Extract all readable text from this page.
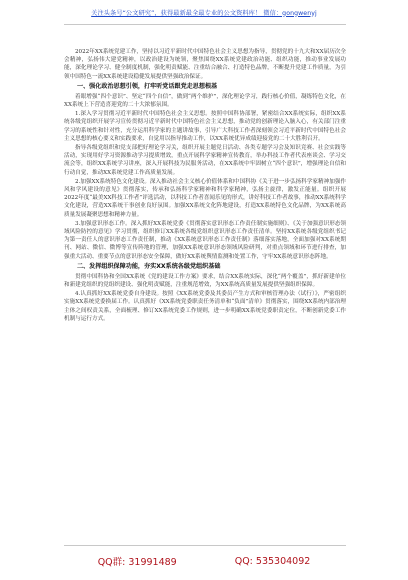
关注头条号“公文研究”，获得最新最全最专业的公文资料库！ 微信：gongwenyj

2022年XX系统党建工作，坚持以习近平新时代中国特色社会主义思想为指导，贯彻党的十九大和XX届历次全会精神，弘扬伟大建党精神，以政治建设为统领，聚焦围绕XX系统党建政治功能、组织功能，推动事业发展功能，深化理论学习、健全制度机制，强化明责赋能、注重结合融合、打造特色品牌，不断提升党建工作质量，为引领中国特色一流XX系统建设稳健发展提供坚强政治保证。

一、强化政治思想引领，打牢听党话跟党走思想根基

着眼增强“四个意识”、坚定“四个自信”，做到“两个维护”，深化理论学习，践行核心价值，凝练特色文化，在XX系统上下营造喜迎党的二十大浓郁氛围。

1.深入学习贯彻习近平新时代中国特色社会主义思想。按照中国科协部署，紧密结合XX系统实际，组织XX系统各级党组织开展学习宣传贯彻习近平新时代中国特色社会主义思想，推动党的创新理论入脑入心，有关部门注重学习的系统性和针对性，充分运用科学家的主题讲故事，引导广大科技工作者深刻领会习近平新时代中国特色社会主义思想的核心要义和实践要求，自觉用以指导推动工作，以XX系统优异成绩迎接党的二十大胜利召开。

指导各级党组织和党支部把好理论学习关，组织开展主题党日活动、各类专题学习会及知识竞赛、社会实践等活动，实现用好学习资源推动学习提质增效，重点开展科学家精神宣传教育，举办科技工作者代表座谈会、学习交流会等，组织XX系统学习讲座，深入开展科技为民服务活动，在XX系统中牢固树立“四个意识”，增强理论自信和行动自觉，推动XX系统党建工作高质量发展。

2.加强XX系统特色文化建设。深入推动社会主义核心价值体系和中国科协《关于进一步弘扬科学家精神加强作风和学风建设的意见》贯彻落实，传承和弘扬科学家精神和科学家精神，弘扬主旋律，激发正能量。组织开展2022年度“最美XX科技工作者”评选活动，以科技工作者喜闻乐见的形式，讲好科技工作者故事，推动XX系统科学文化建设，营造XX系统干事创业良好氛围。加强XX系统文化阵地建设，打造XX系统特色文化品牌，为XX系统高质量发展凝聚思想和精神力量。

3.加强意识形态工作。深入抓好XX系统党委《贯彻落实意识形态工作责任制实施细则》、《关于加强意识形态领域风险防控的意见》学习贯彻，组织修订XX系统各级党组织意识形态工作责任清单。坚持XX系统各级党组织书记为第一责任人的意识形态工作责任制，推动《XX系统意识形态工作责任制》落细落实落地，全面加强对XX系统期刊、网站、微信、微博等宣传阵地的管理，加强XX系统意识形态领域风险研判，对重点领域和环节进行排查，加强重大活动、重要节点的意识形态安全保障，做好XX系统舆情监测和处置工作，守牢XX系统意识形态阵地。

二、发挥组织保障功能，夯实XX系统各级党组织基础

贯彻中国科协和全国XX系统《党的建设工作方案》要求，结合XX系统实际，深化“两个覆盖”，抓好新建单位和新建党组织的党组织建设、强化明责赋能，注重规范增效，为XX系统高质量发展提供坚强组织保障。

4.认真抓好XX系统党委自身建设。按照《XX系统党委及其委员产生方式和审核管理办法（试行）》，严密组织实施XX系统党委换届工作。认真抓好《XX系统党委职责任务清单和“负面”清单》贯彻落实，围绕XX系统内部治理主体之间权责关系，全面梳理、修订XX系统党委工作规则，进一步明确XX系统党委职责定位，不断创新党委工作机制与运行方式。

QQ群: 31991489	QQ: 535304092
